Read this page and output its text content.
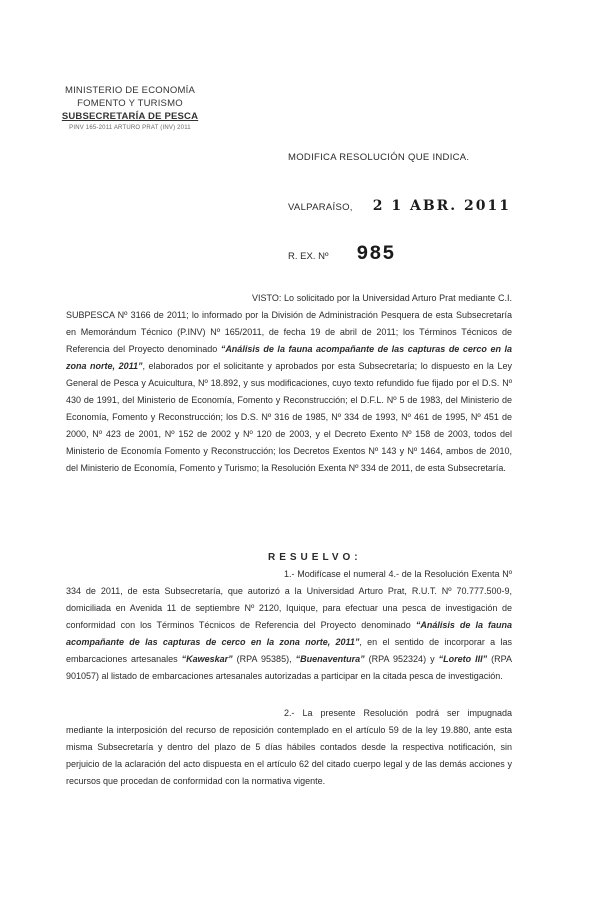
MINISTERIO DE ECONOMÍA
FOMENTO Y TURISMO
SUBSECRETARÍA DE PESCA
PINV 165-2011 ARTURO PRAT (INV) 2011
MODIFICA RESOLUCIÓN QUE INDICA.
VALPARAÍSO, 2 1 ABR. 2011
R. EX. Nº 985
VISTO: Lo solicitado por la Universidad Arturo Prat mediante C.I. SUBPESCA Nº 3166 de 2011; lo informado por la División de Administración Pesquera de esta Subsecretaría en Memorándum Técnico (P.INV) Nº 165/2011, de fecha 19 de abril de 2011; los Términos Técnicos de Referencia del Proyecto denominado “Análisis de la fauna acompañante de las capturas de cerco en la zona norte, 2011”, elaborados por el solicitante y aprobados por esta Subsecretaría; lo dispuesto en la Ley General de Pesca y Acuicultura, Nº 18.892, y sus modificaciones, cuyo texto refundido fue fijado por el D.S. Nº 430 de 1991, del Ministerio de Economía, Fomento y Reconstrucción; el D.F.L. Nº 5 de 1983, del Ministerio de Economía, Fomento y Reconstrucción; los D.S. Nº 316 de 1985, Nº 334 de 1993, Nº 461 de 1995, Nº 451 de 2000, Nº 423 de 2001, Nº 152 de 2002 y Nº 120 de 2003, y el Decreto Exento Nº 158 de 2003, todos del Ministerio de Economía Fomento y Reconstrucción; los Decretos Exentos Nº 143 y Nº 1464, ambos de 2010, del Ministerio de Economía, Fomento y Turismo; la Resolución Exenta Nº 334 de 2011, de esta Subsecretaría.
RESUELVO:
1.- Modifícase el numeral 4.- de la Resolución Exenta Nº 334 de 2011, de esta Subsecretaría, que autorizó a la Universidad Arturo Prat, R.U.T. Nº 70.777.500-9, domiciliada en Avenida 11 de septiembre Nº 2120, Iquique, para efectuar una pesca de investigación de conformidad con los Términos Técnicos de Referencia del Proyecto denominado “Análisis de la fauna acompañante de las capturas de cerco en la zona norte, 2011”, en el sentido de incorporar a las embarcaciones artesanales “Kaweskar” (RPA 95385), “Buenaventura” (RPA 952324) y “Loreto III” (RPA 901057) al listado de embarcaciones artesanales autorizadas a participar en la citada pesca de investigación.
2.- La presente Resolución podrá ser impugnada mediante la interposición del recurso de reposición contemplado en el artículo 59 de la ley 19.880, ante esta misma Subsecretaría y dentro del plazo de 5 días hábiles contados desde la respectiva notificación, sin perjuicio de la aclaración del acto dispuesta en el artículo 62 del citado cuerpo legal y de las demás acciones y recursos que procedan de conformidad con la normativa vigente.
